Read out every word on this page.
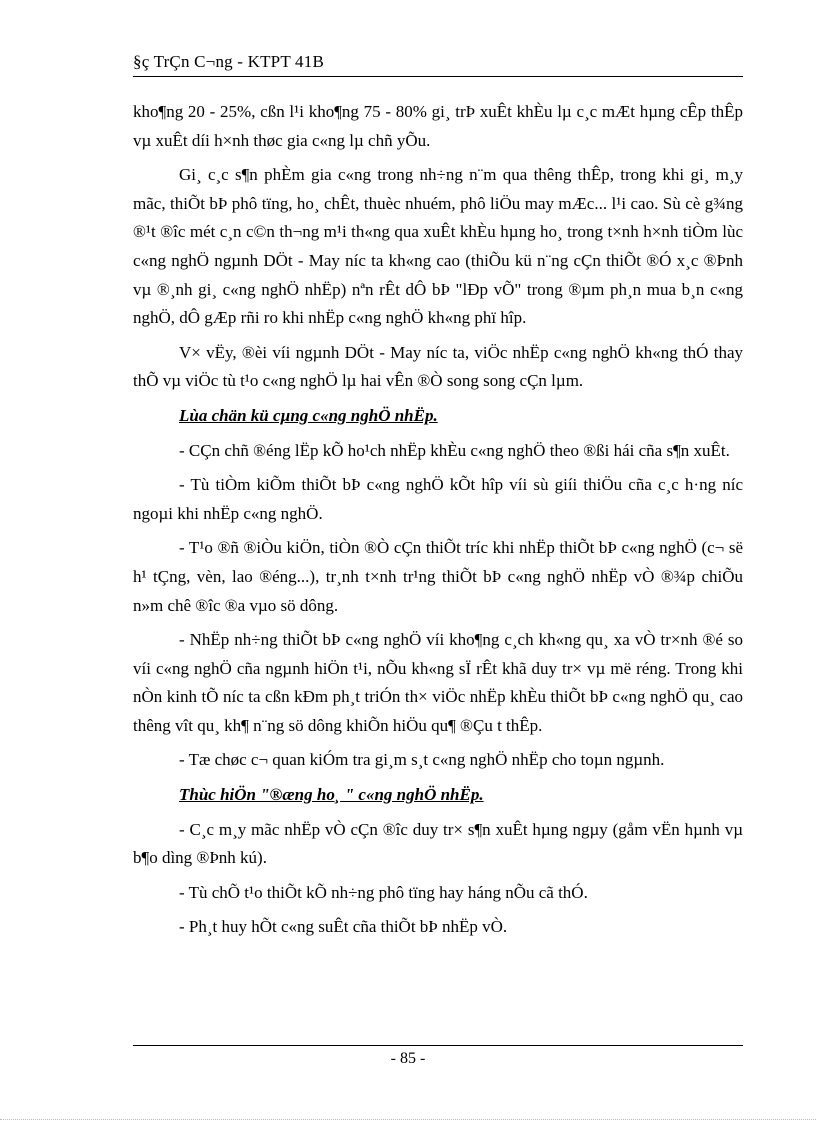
§ç TrÇn C¬ng - KTPT 41B

kho¶ng 20 - 25%, cßn l¹i kho¶ng 75 - 80% gi¸ trÞ xuÊt khÈu lµ c¸c mÆt hµng cÊp thÊp vµ xuÊt díi h×nh thøc gia c«ng lµ chñ yÕu.

Gi¸ c¸c s¶n phÈm gia c«ng trong nh÷ng n¨m qua thêng thÊp, trong khi gi¸ m¸y mãc, thiÕt bÞ phô tïng, ho¸ chÊt, thuèc nhuém, phô liÖu may mÆc... l¹i cao. Sù cè g¾ng ®¹t ®îc mét c¸n c©n th¬ng m¹i th«ng qua xuÊt khÈu hµng ho¸ trong t×nh h×nh tiÒm lùc c«ng nghÖ ngµnh DÖt - May níc ta kh«ng cao (thiÕu kü n¨ng cÇn thiÕt ®Ó x¸c ®Þnh vµ ®¸nh gi¸ c«ng nghÖ nhËp) nªn rÊt dÔ bÞ "lÐp vÕ" trong ®µm ph¸n mua b¸n c«ng nghÖ, dÔ gÆp rñi ro khi nhËp c«ng nghÖ kh«ng phï hîp.

V× vËy, ®èi víi ngµnh DÖt - May níc ta, viÖc nhËp c«ng nghÖ kh«ng thÓ thay thÕ vµ viÖc tù t¹o c«ng nghÖ lµ hai vÊn ®Ò song song cÇn lµm.

Lùa chän kü cµng c«ng nghÖ nhËp.

- CÇn chñ ®éng lËp kÕ ho¹ch nhËp khÈu c«ng nghÖ theo ®ßi hái cña s¶n xuÊt.

- Tù tiÒm kiÕm thiÕt bÞ c«ng nghÖ kÕt hîp víi sù giíi thiÖu cña c¸c h·ng níc ngoµi khi nhËp c«ng nghÖ.

- T¹o ®ñ ®iÒu kiÖn, tiÒn ®Ò cÇn thiÕt tríc khi nhËp thiÕt bÞ c«ng nghÖ (c¬ së h¹ tÇng, vèn, lao ®éng...), tr¸nh t×nh tr¹ng thiÕt bÞ c«ng nghÖ nhËp vÒ ®¾p chiÕu n»m chê ®îc ®a vµo sö dông.

- NhËp nh÷ng thiÕt bÞ c«ng nghÖ víi kho¶ng c¸ch kh«ng qu¸ xa vÒ tr×nh ®é so víi c«ng nghÖ cña ngµnh hiÖn t¹i, nÕu kh«ng sÏ rÊt khã duy tr× vµ më réng. Trong khi nÒn kinh tÕ níc ta cßn kÐm ph¸t triÓn th× viÖc nhËp khÈu thiÕt bÞ c«ng nghÖ qu¸ cao thêng vît qu¸ kh¶ n¨ng sö dông khiÕn hiÖu qu¶ ®Çu t thÊp.

- Tæ chøc c¬ quan kiÓm tra gi¸m s¸t c«ng nghÖ nhËp cho toµn ngµnh.

Thùc hiÖn "®æng ho¸ " c«ng nghÖ nhËp.

- C¸c m¸y mãc nhËp vÒ cÇn ®îc duy tr× s¶n xuÊt hµng ngµy (gåm vËn hµnh vµ b¶o dìng ®Þnh kú).

- Tù chÕ t¹o thiÕt kÕ nh÷ng phô tïng hay háng nÕu cã thÓ.

- Ph¸t huy hÕt c«ng suÊt cña thiÕt bÞ nhËp vÒ.

- 85 -
